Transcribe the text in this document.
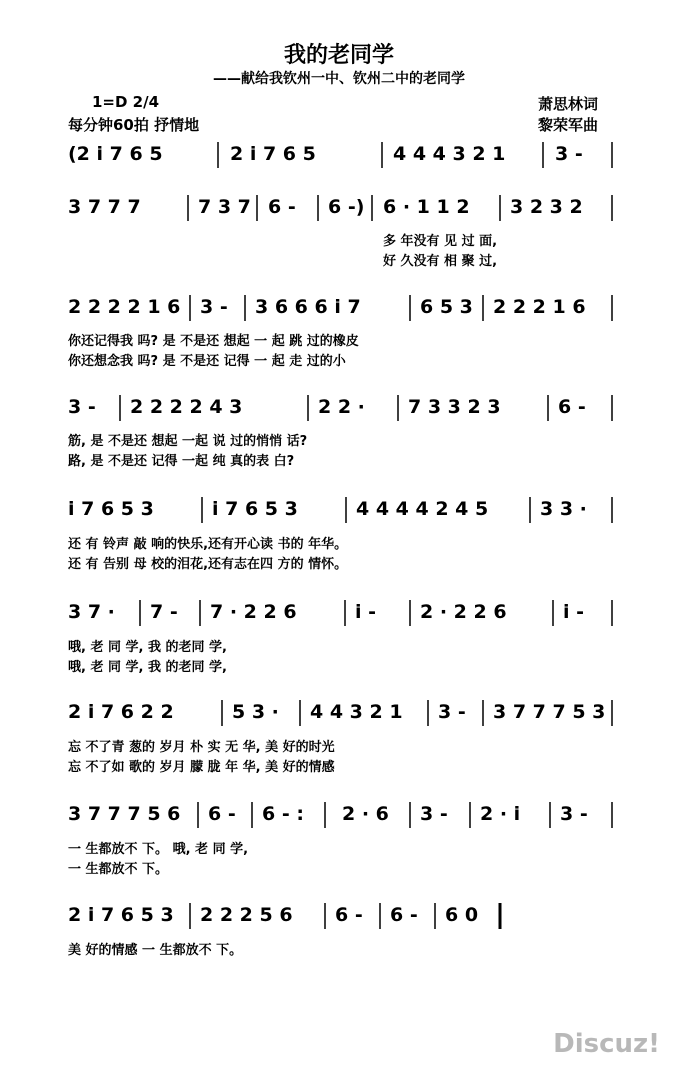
我的老同学
——献给我钦州一中、钦州二中的老同学
1=D 2/4
每分钟60拍 抒情地
萧思林词
黎荣军曲
(2 i 7 6 5	2 i 7 6 5	4 4 4 3 2 1	3 -
3 7 7 7	7 3 7 6 - 6 -) 6 · 1 1 2 3 2 3 2
多 年没有 见 过 面,
好 久没有 相 聚 过,
2 2 2 2 1 6 3 - 3 6 6 6 i 7	6 5 3 2 2 2 1 6
你还记得我 吗? 是 不是还 想起 一 起 跳 过的橡皮
你还想念我 吗? 是 不是还 记得 一 起 走 过的小
3 - 2 2 2 2 4 3	2 2 · 7 3 3 2 3	6 -
筋, 是 不是还 想起 一起 说 过的悄悄 话?
路, 是 不是还 记得 一起 纯 真的表 白?
i 7 6 5 3	i 7 6 5 3	4 4 4 4 2 4 5	3 3 ·
还 有 铃声 敲 响的快乐,还有开心读 书的 年华。
还 有 告别 母 校的泪花,还有志在四 方的 情怀。
3 7 · 7 - 7 · 2 2 6	i - 2 · 2 2 6	i -
哦, 老 同 学, 我 的老同 学,
哦, 老 同 学, 我 的老同 学,
2 i 7 6 2 2	5 3 · 4 4 3 2 1 3 - 3 7 7 7 5 3
忘 不了青 葱的 岁月 朴 实 无 华, 美 好的时光
忘 不了如 歌的 岁月 朦 胧 年 华, 美 好的情感
3 7 7 7 5 6 6 - 6 - : 2 · 6 3 - 2 · i 3 -
一 生都放不 下。 哦, 老 同 学,
一 生都放不 下。
2 i 7 6 5 3 2 2 2 5 6 6 - 6 - 6 0
美 好的情感 一 生都放不 下。
Discuz!
